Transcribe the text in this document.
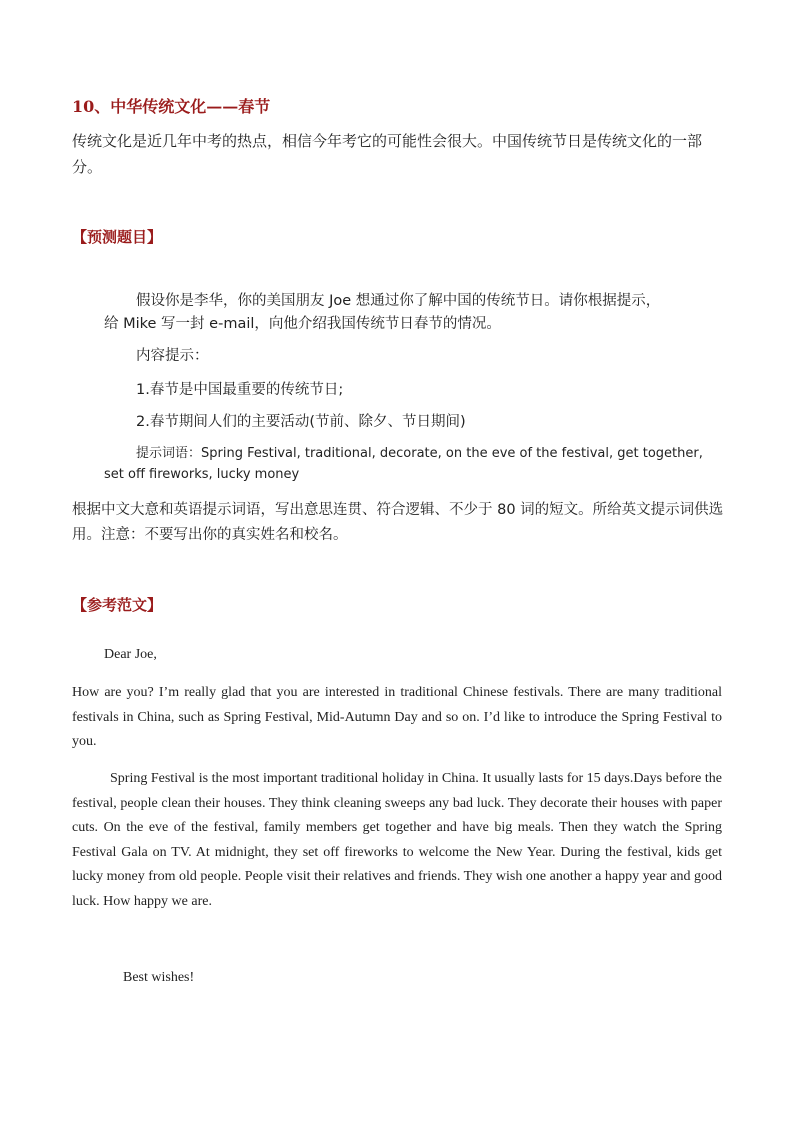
10、中华传统文化——春节

传统文化是近几年中考的热点，相信今年考它的可能性会很大。中国传统节日是传统文化的一部分。

【预测题目】
假设你是李华，你的美国朋友 Joe 想通过你了解中国的传统节日。请你根据提示，
给 Mike 写一封 e-mail，向他介绍我国传统节日春节的情况。
内容提示：
1.春节是中国最重要的传统节日;
2.春节期间人们的主要活动(节前、除夕、节日期间)
提示词语：Spring Festival, traditional, decorate, on the eve of the festival, get together,
set off fireworks, lucky money

根据中文大意和英语提示词语，写出意思连贯、符合逻辑、不少于 80 词的短文。所给英文提示词供选用。注意：不要写出你的真实姓名和校名。

【参考范文】
Dear Joe,

How are you? I’m really glad that you are interested in traditional Chinese festivals. There are many traditional festivals in China, such as Spring Festival, Mid-Autumn Day and so on. I’d like to introduce the Spring Festival to you.

Spring Festival is the most important traditional holiday in China. It usually lasts for 15 days.Days before the festival, people clean their houses. They think cleaning sweeps any bad luck. They decorate their houses with paper cuts. On the eve of the festival, family members get together and have big meals. Then they watch the Spring Festival Gala on TV. At midnight, they set off fireworks to welcome the New Year. During the festival, kids get lucky money from old people. People visit their relatives and friends. They wish one another a happy year and good luck. How happy we are.

Best wishes!
